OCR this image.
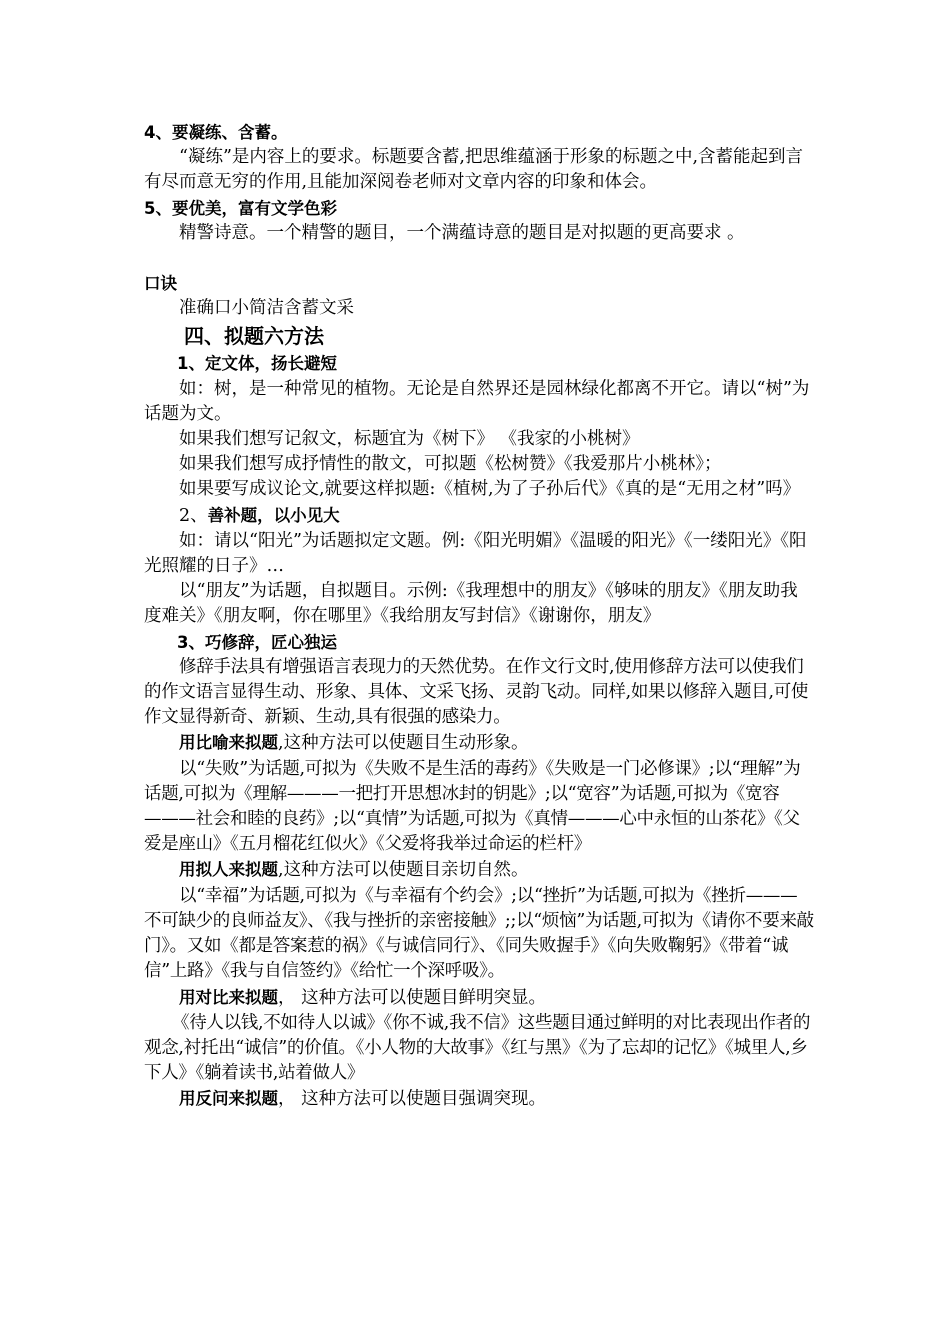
4、要凝练、含蓄。

“凝练”是内容上的要求。标题要含蓄,把思维蕴涵于形象的标题之中,含蓄能起到言有尽而意无穷的作用,且能加深阅卷老师对文章内容的印象和体会。

5、要优美，富有文学色彩

精警诗意。一个精警的题目，一个满蕴诗意的题目是对拟题的更高要求 。

口诀

准确口小简洁含蓄文采

四、拟题六方法

1、定文体，扬长避短

如：树，是一种常见的植物。无论是自然界还是园林绿化都离不开它。请以“树”为话题为文。

如果我们想写记叙文，标题宜为《树下》 《我家的小桃树》

如果我们想写成抒情性的散文，可拟题《松树赞》《我爱那片小桃林》；

如果要写成议论文,就要这样拟题:《植树,为了子孙后代》《真的是“无用之材”吗》

2、善补题，以小见大

如：请以“阳光”为话题拟定文题。例:《阳光明媚》《温暖的阳光》《一缕阳光》《阳光照耀的日子》…

以“朋友”为话题，自拟题目。示例:《我理想中的朋友》《够味的朋友》《朋友助我度难关》《朋友啊，你在哪里》《我给朋友写封信》《谢谢你，朋友》

3、巧修辞，匠心独运

修辞手法具有增强语言表现力的天然优势。在作文行文时,使用修辞方法可以使我们的作文语言显得生动、形象、具体、文采飞扬、灵韵飞动。同样,如果以修辞入题目,可使作文显得新奇、新颖、生动,具有很强的感染力。

用比喻来拟题,这种方法可以使题目生动形象。

以“失败”为话题,可拟为《失败不是生活的毒药》《失败是一门必修课》;以“理解”为话题,可拟为《理解———一把打开思想冰封的钥匙》;以“宽容”为话题,可拟为《宽容———社会和睦的良药》;以“真情”为话题,可拟为《真情———心中永恒的山茶花》《父爱是座山》《五月榴花红似火》《父爱将我举过命运的栏杆》

用拟人来拟题,这种方法可以使题目亲切自然。

以“幸福”为话题,可拟为《与幸福有个约会》;以“挫折”为话题,可拟为《挫折———不可缺少的良师益友》、《我与挫折的亲密接触》;;以“烦恼”为话题,可拟为《请你不要来敲门》。又如《都是答案惹的祸》《与诚信同行》、《同失败握手》《向失败鞠躬》《带着“诚信”上路》《我与自信签约》《给忙一个深呼吸》。

用对比来拟题， 这种方法可以使题目鲜明突显。

《待人以钱,不如待人以诚》《你不诚,我不信》这些题目通过鲜明的对比表现出作者的观念,衬托出“诚信”的价值。《小人物的大故事》《红与黑》《为了忘却的记忆》《城里人,乡下人》《躺着读书,站着做人》

用反问来拟题， 这种方法可以使题目强调突现。
